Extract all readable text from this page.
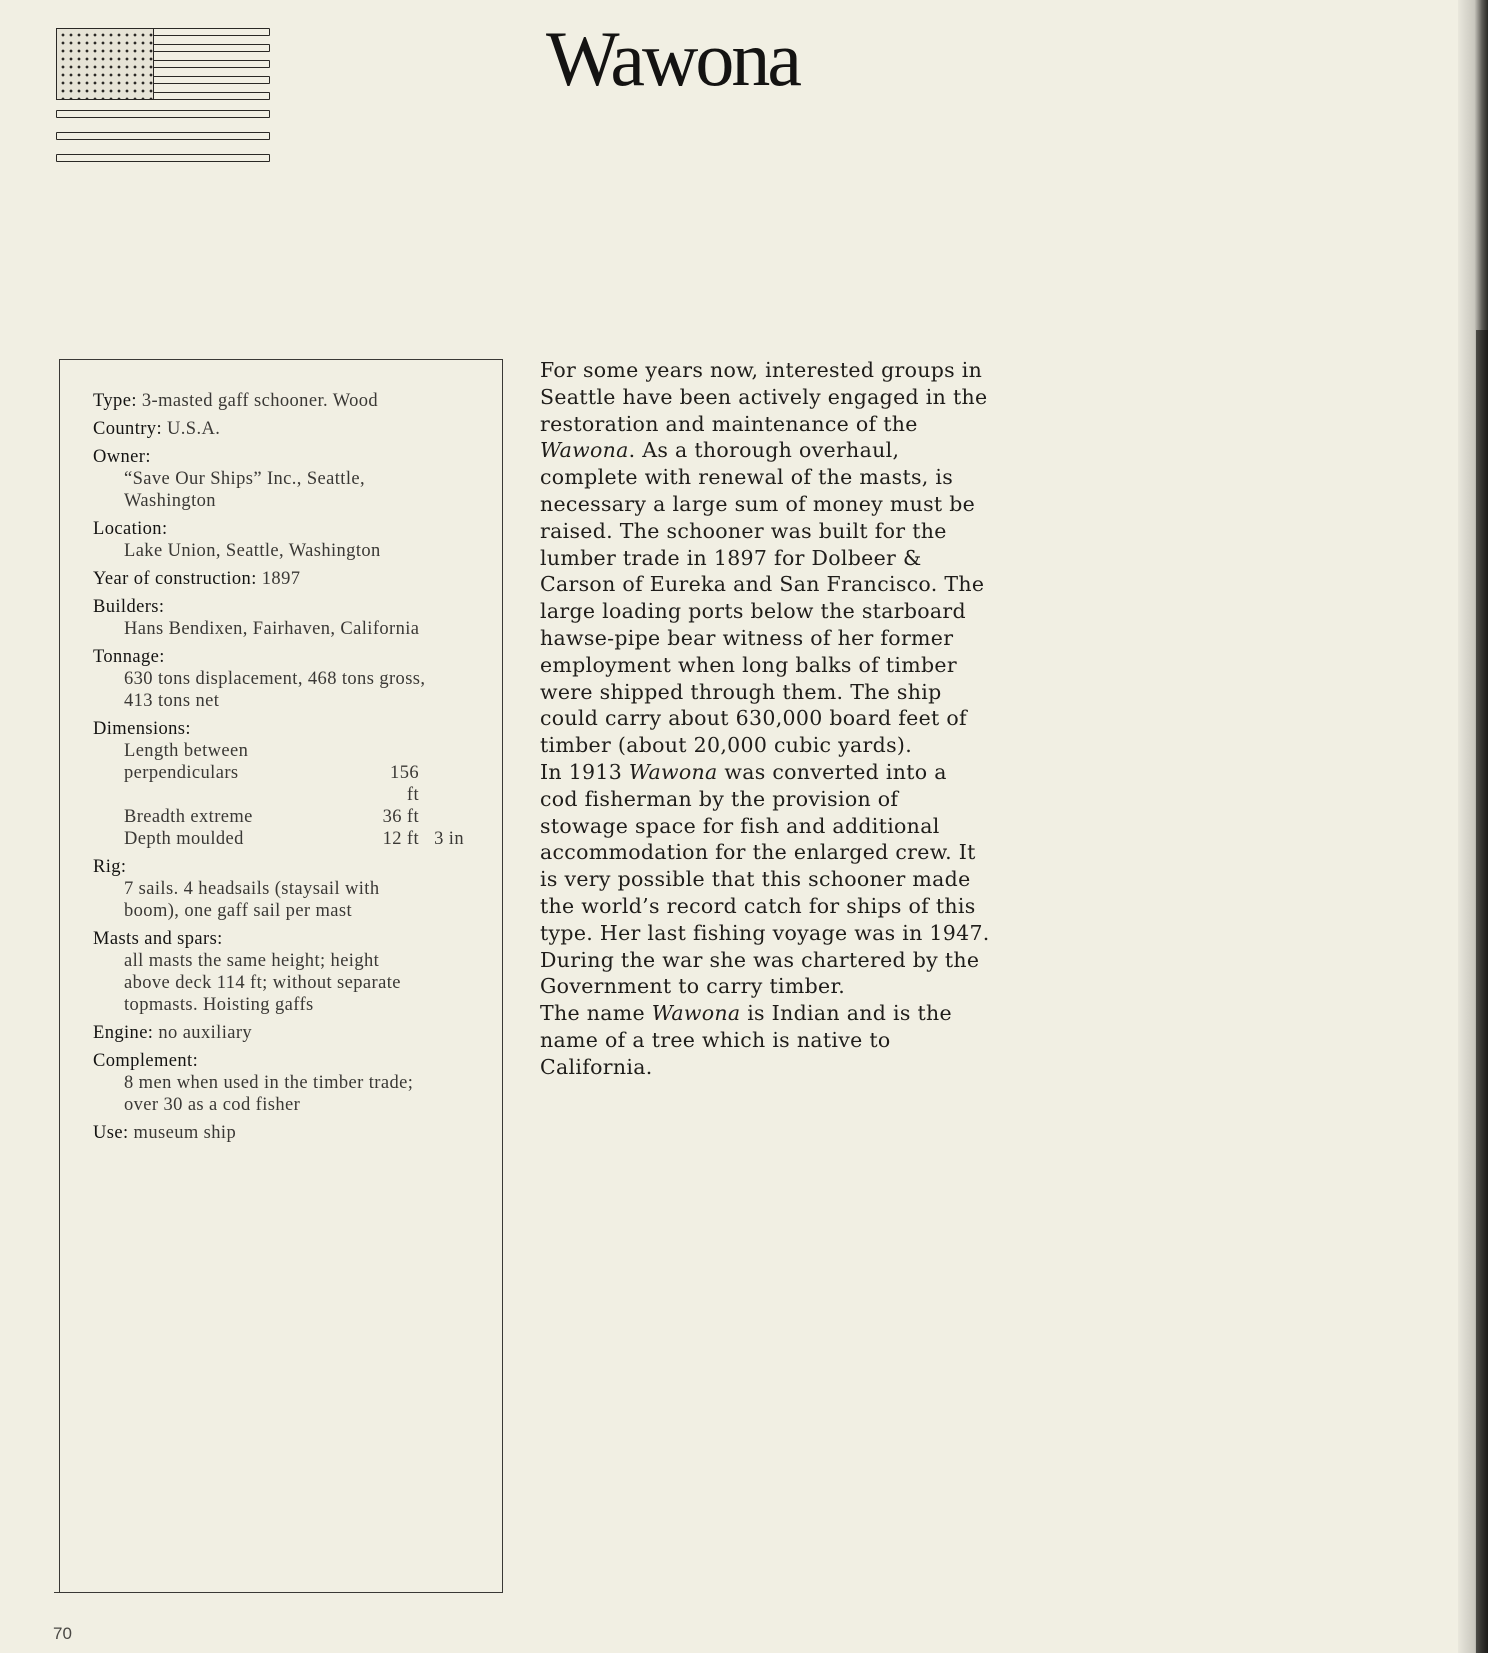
Wawona
Type: 3-masted gaff schooner. Wood
Country: U.S.A.
Owner:
“Save Our Ships” Inc., Seattle,
Washington
Location:
Lake Union, Seattle, Washington
Year of construction: 1897
Builders:
Hans Bendixen, Fairhaven, California
Tonnage:
630 tons displacement, 468 tons gross,
413 tons net
Dimensions:
Length between
perpendiculars	156 ft
Breadth extreme	36 ft
Depth moulded	12 ft 3 in
Rig:
7 sails. 4 headsails (staysail with
boom), one gaff sail per mast
Masts and spars:
all masts the same height; height
above deck 114 ft; without separate
topmasts. Hoisting gaffs
Engine: no auxiliary
Complement:
8 men when used in the timber trade;
over 30 as a cod fisher
Use: museum ship

For some years now, interested groups in Seattle have been actively engaged in the restoration and maintenance of the Wawona. As a thorough overhaul, complete with renewal of the masts, is necessary a large sum of money must be raised. The schooner was built for the lumber trade in 1897 for Dolbeer & Carson of Eureka and San Francisco. The large loading ports below the starboard hawse-pipe bear witness of her former employment when long balks of timber were shipped through them. The ship could carry about 630,000 board feet of timber (about 20,000 cubic yards).

In 1913 Wawona was converted into a cod fisherman by the provision of stowage space for fish and additional accommodation for the enlarged crew. It is very possible that this schooner made the world’s record catch for ships of this type. Her last fishing voyage was in 1947. During the war she was chartered by the Government to carry timber.

The name Wawona is Indian and is the name of a tree which is native to California.

70
